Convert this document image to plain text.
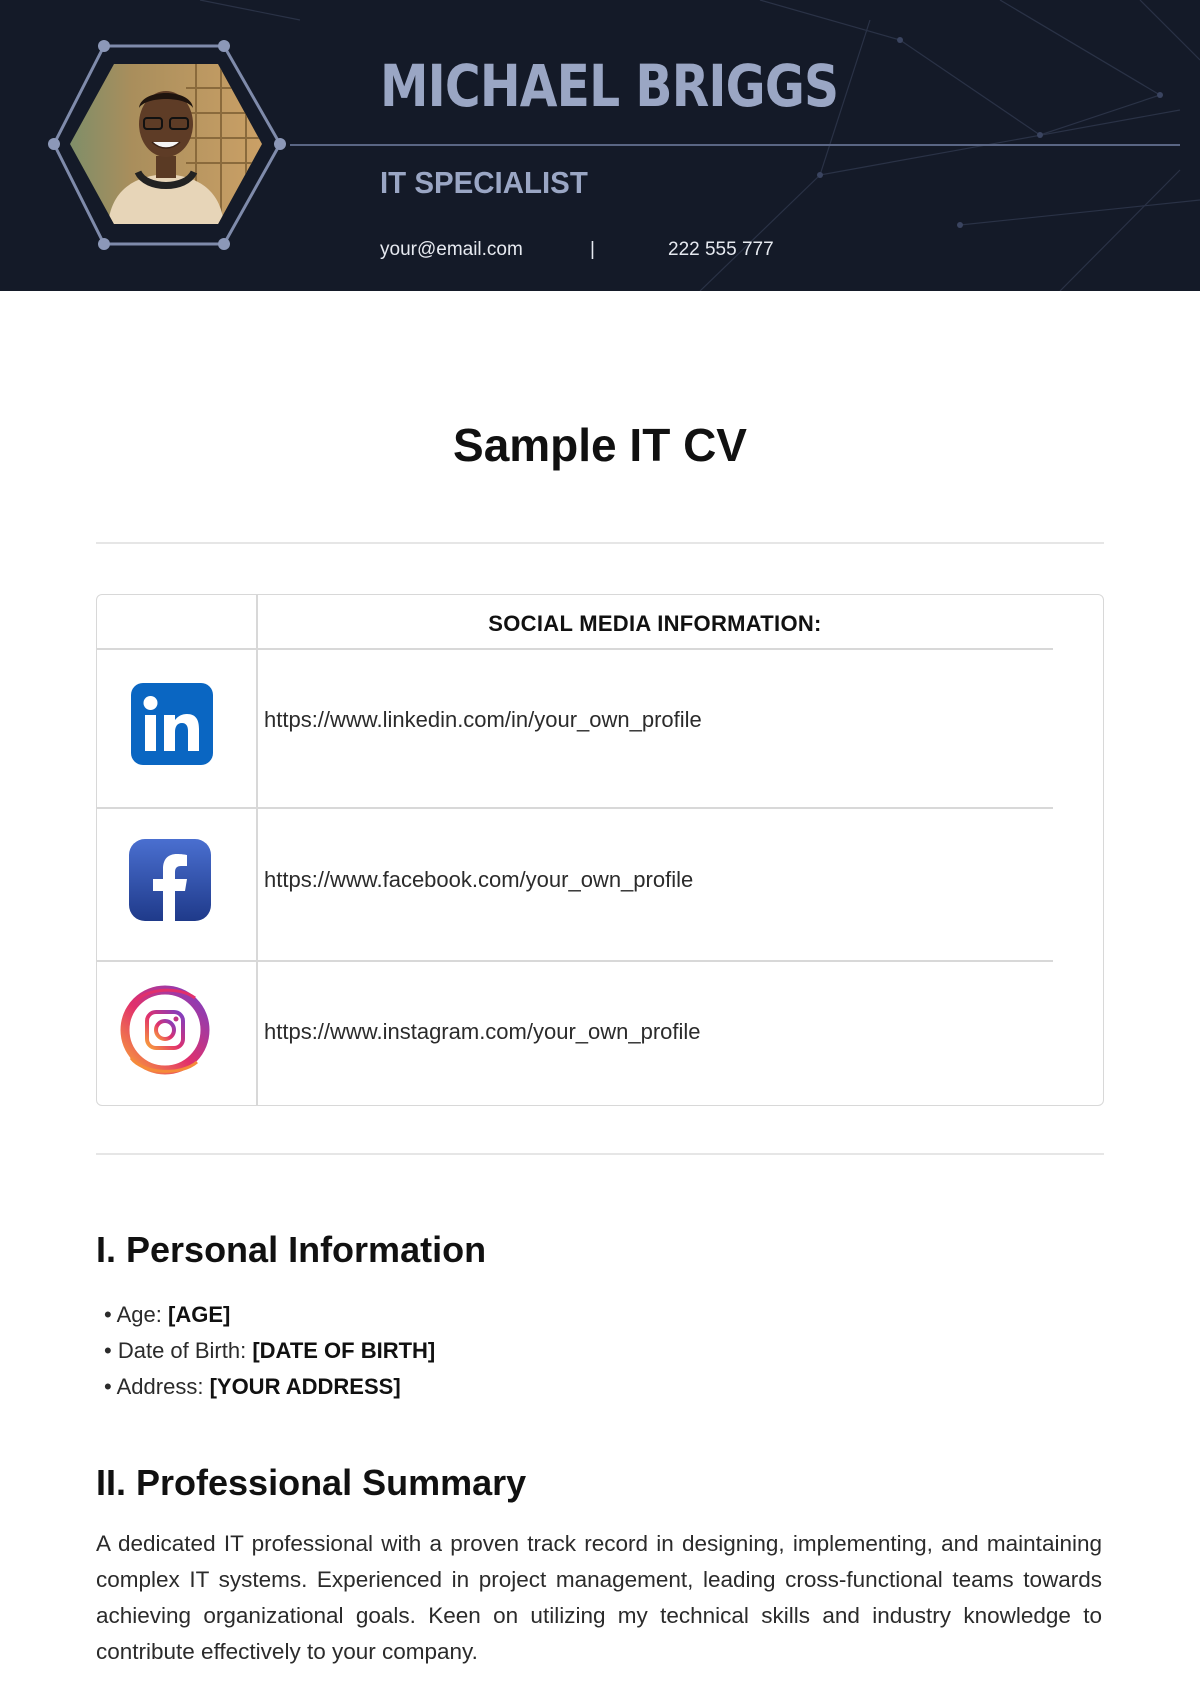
MICHAEL BRIGGS
IT SPECIALIST
your@email.com	|	222 555 777
Sample IT CV
SOCIAL MEDIA INFORMATION:
https://www.linkedin.com/in/your_own_profile
https://www.facebook.com/your_own_profile
https://www.instagram.com/your_own_profile
I. Personal Information
• Age: [AGE]
• Date of Birth: [DATE OF BIRTH]
• Address: [YOUR ADDRESS]
II. Professional Summary

A dedicated IT professional with a proven track record in designing, implementing, and maintaining complex IT systems. Experienced in project management, leading cross-functional teams towards achieving organizational goals. Keen on utilizing my technical skills and industry knowledge to contribute effectively to your company.
